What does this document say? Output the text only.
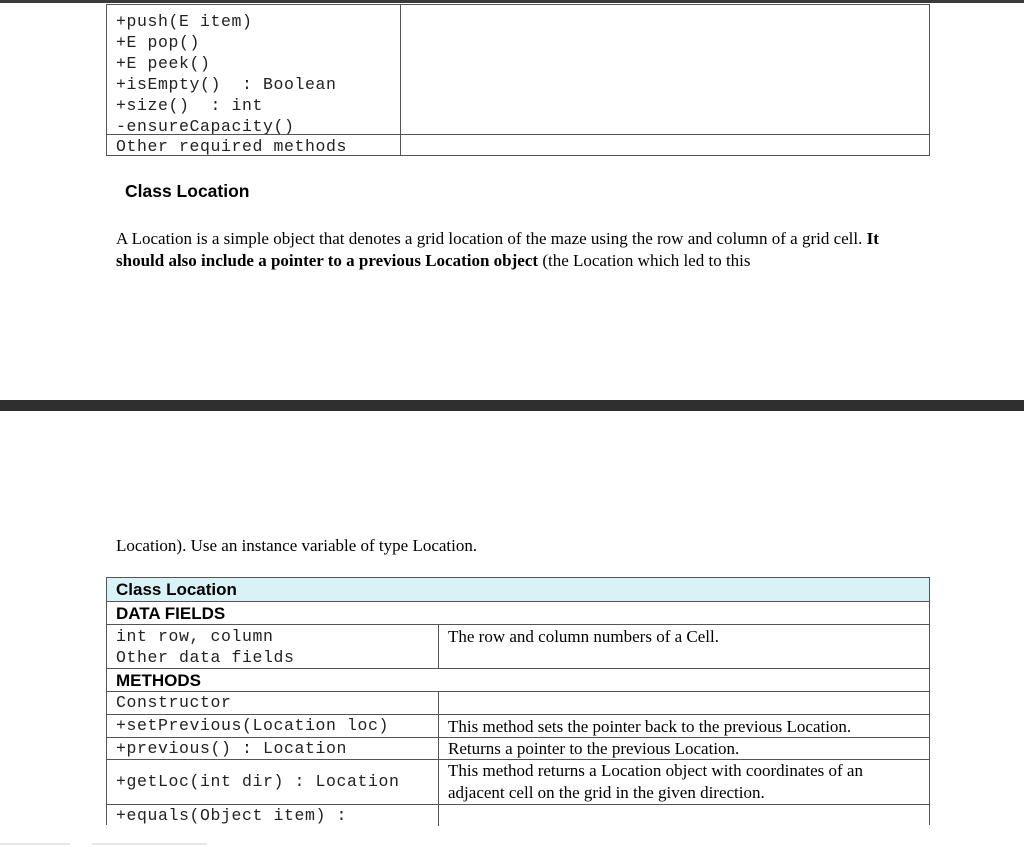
+push(E item)
+E pop()
+E peek()
+isEmpty()  : Boolean
+size()  : int
-ensureCapacity()
Other required methods
Class Location
A Location is a simple object that denotes a grid location of the maze using the row and column of a grid cell. It should also include a pointer to a previous Location object (the Location which led to this
Location). Use an instance variable of type Location.
Class Location
DATA FIELDS
int row, column
Other data fields
The row and column numbers of a Cell.
METHODS
Constructor
+setPrevious(Location loc)	This method sets the pointer back to the previous Location.
+previous() : Location	Returns a pointer to the previous Location.
+getLoc(int dir) : Location
This method returns a Location object with coordinates of an adjacent cell on the grid in the given direction.
+equals(Object item) :
